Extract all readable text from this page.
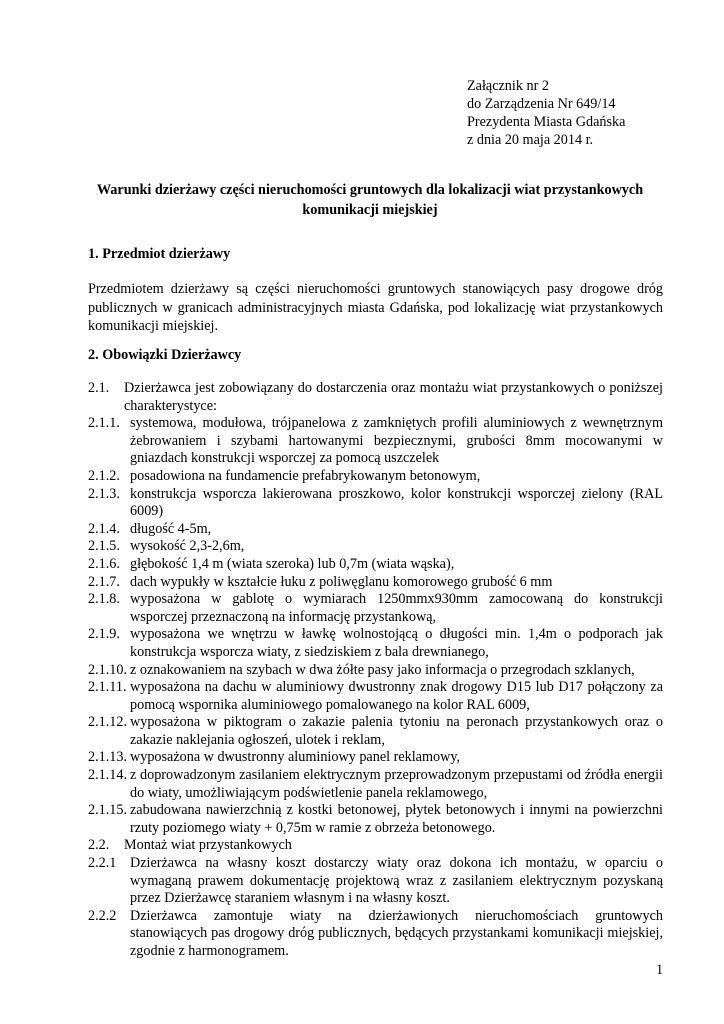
Załącznik nr 2
do Zarządzenia Nr 649/14
Prezydenta Miasta Gdańska
z dnia 20 maja 2014 r.
Warunki dzierżawy części nieruchomości gruntowych dla lokalizacji wiat przystankowych komunikacji miejskiej
1. Przedmiot dzierżawy
Przedmiotem dzierżawy są części nieruchomości gruntowych stanowiących pasy drogowe dróg publicznych w granicach administracyjnych miasta Gdańska, pod lokalizację wiat przystankowych komunikacji miejskiej.
2. Obowiązki Dzierżawcy
2.1. Dzierżawca jest zobowiązany do dostarczenia oraz montażu wiat przystankowych o poniższej charakterystyce:
2.1.1. systemowa, modułowa, trójpanelowa z zamkniętych profili aluminiowych z wewnętrznym żebrowaniem i szybami hartowanymi bezpiecznymi, grubości 8mm mocowanymi w gniazdach konstrukcji wsporczej za pomocą uszczelek
2.1.2. posadowiona na fundamencie prefabrykowanym betonowym,
2.1.3. konstrukcja wsporcza lakierowana proszkowo, kolor konstrukcji wsporczej zielony (RAL 6009)
2.1.4. długość 4-5m,
2.1.5. wysokość 2,3-2,6m,
2.1.6. głębokość 1,4 m (wiata szeroka) lub 0,7m (wiata wąska),
2.1.7. dach wypukły w kształcie łuku z poliwęglanu komorowego grubość 6 mm
2.1.8. wyposażona w gablotę o wymiarach 1250mmx930mm zamocowaną do konstrukcji wsporczej przeznaczoną na informację przystankową,
2.1.9. wyposażona we wnętrzu w ławkę wolnostojącą o długości min. 1,4m o podporach jak konstrukcja wsporcza wiaty, z siedziskiem z bala drewnianego,
2.1.10. z oznakowaniem na szybach w dwa żółte pasy jako informacja o przegrodach szklanych,
2.1.11. wyposażona na dachu w aluminiowy dwustronny znak drogowy D15 lub D17 połączony za pomocą wspornika aluminiowego pomalowanego na kolor RAL 6009,
2.1.12. wyposażona w piktogram o zakazie palenia tytoniu na peronach przystankowych oraz o zakazie naklejania ogłoszeń, ulotek i reklam,
2.1.13. wyposażona w dwustronny aluminiowy panel reklamowy,
2.1.14. z doprowadzonym zasilaniem elektrycznym przeprowadzonym przepustami od źródła energii do wiaty, umożliwiającym podświetlenie panela reklamowego,
2.1.15. zabudowana nawierzchnią z kostki betonowej, płytek betonowych i innymi na powierzchni rzuty poziomego wiaty + 0,75m w ramie z obrzeża betonowego.
2.2. Montaż wiat przystankowych
2.2.1 Dzierżawca na własny koszt dostarczy wiaty oraz dokona ich montażu, w oparciu o wymaganą prawem dokumentację projektową wraz z zasilaniem elektrycznym pozyskaną przez Dzierżawcę staraniem własnym i na własny koszt.
2.2.2 Dzierżawca zamontuje wiaty na dzierżawionych nieruchomościach gruntowych stanowiących pas drogowy dróg publicznych, będących przystankami komunikacji miejskiej, zgodnie z harmonogramem.
1
